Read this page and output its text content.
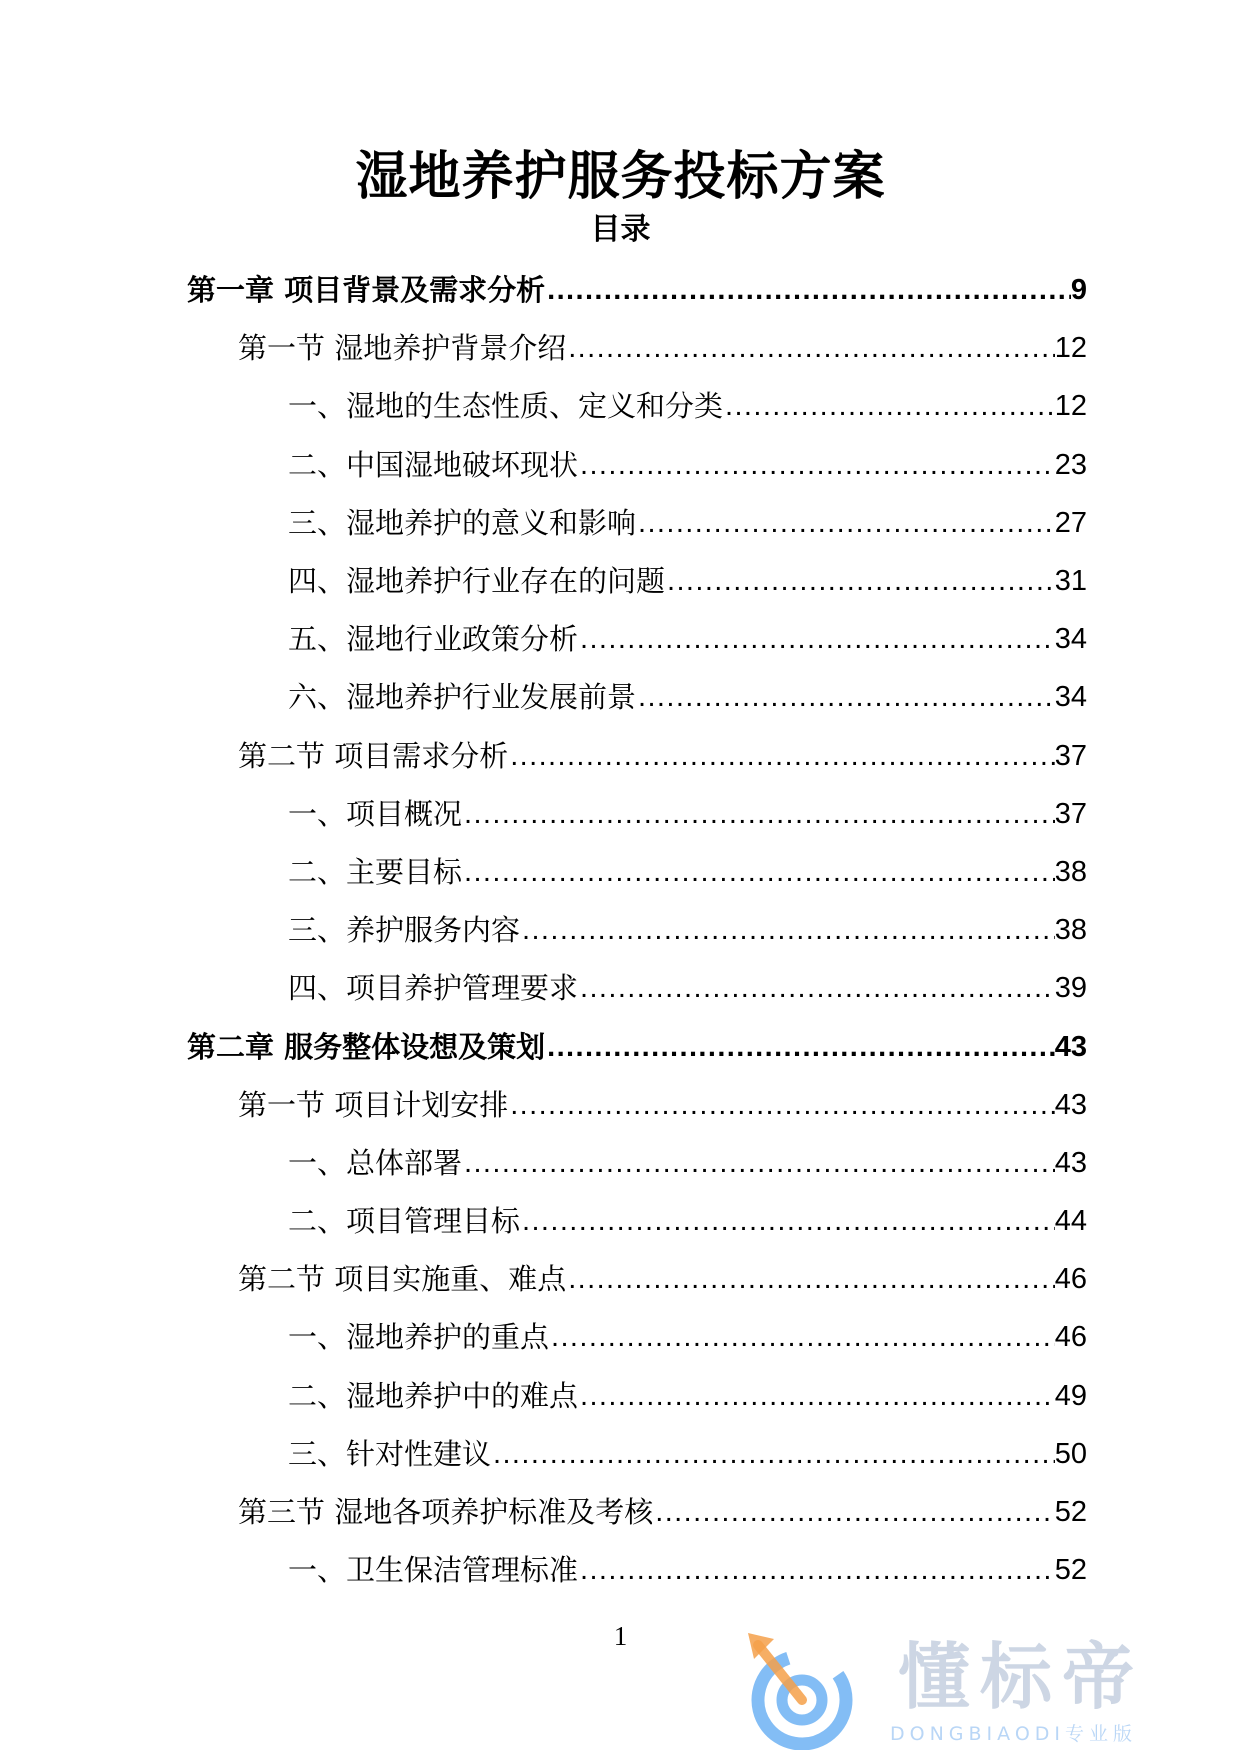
湿地养护服务投标方案
目录
第一章 项目背景及需求分析 .....	9
第一节 湿地养护背景介绍 .....	12
一、湿地的生态性质、定义和分类 .....	12
二、中国湿地破坏现状 .....	23
三、湿地养护的意义和影响 .....	27
四、湿地养护行业存在的问题 .....	31
五、湿地行业政策分析 .....	34
六、湿地养护行业发展前景 .....	34
第二节 项目需求分析 .....	37
一、项目概况 .....	37
二、主要目标 .....	38
三、养护服务内容 .....	38
四、项目养护管理要求 .....	39
第二章 服务整体设想及策划 .....	43
第一节 项目计划安排 .....	43
一、总体部署 .....	43
二、项目管理目标 .....	44
第二节 项目实施重、难点 .....	46
一、湿地养护的重点 .....	46
二、湿地养护中的难点 .....	49
三、针对性建议 .....	50
第三节 湿地各项养护标准及考核 .....	52
一、卫生保洁管理标准 .....	52
1	懂标帝
DONGBIAODI专业版
